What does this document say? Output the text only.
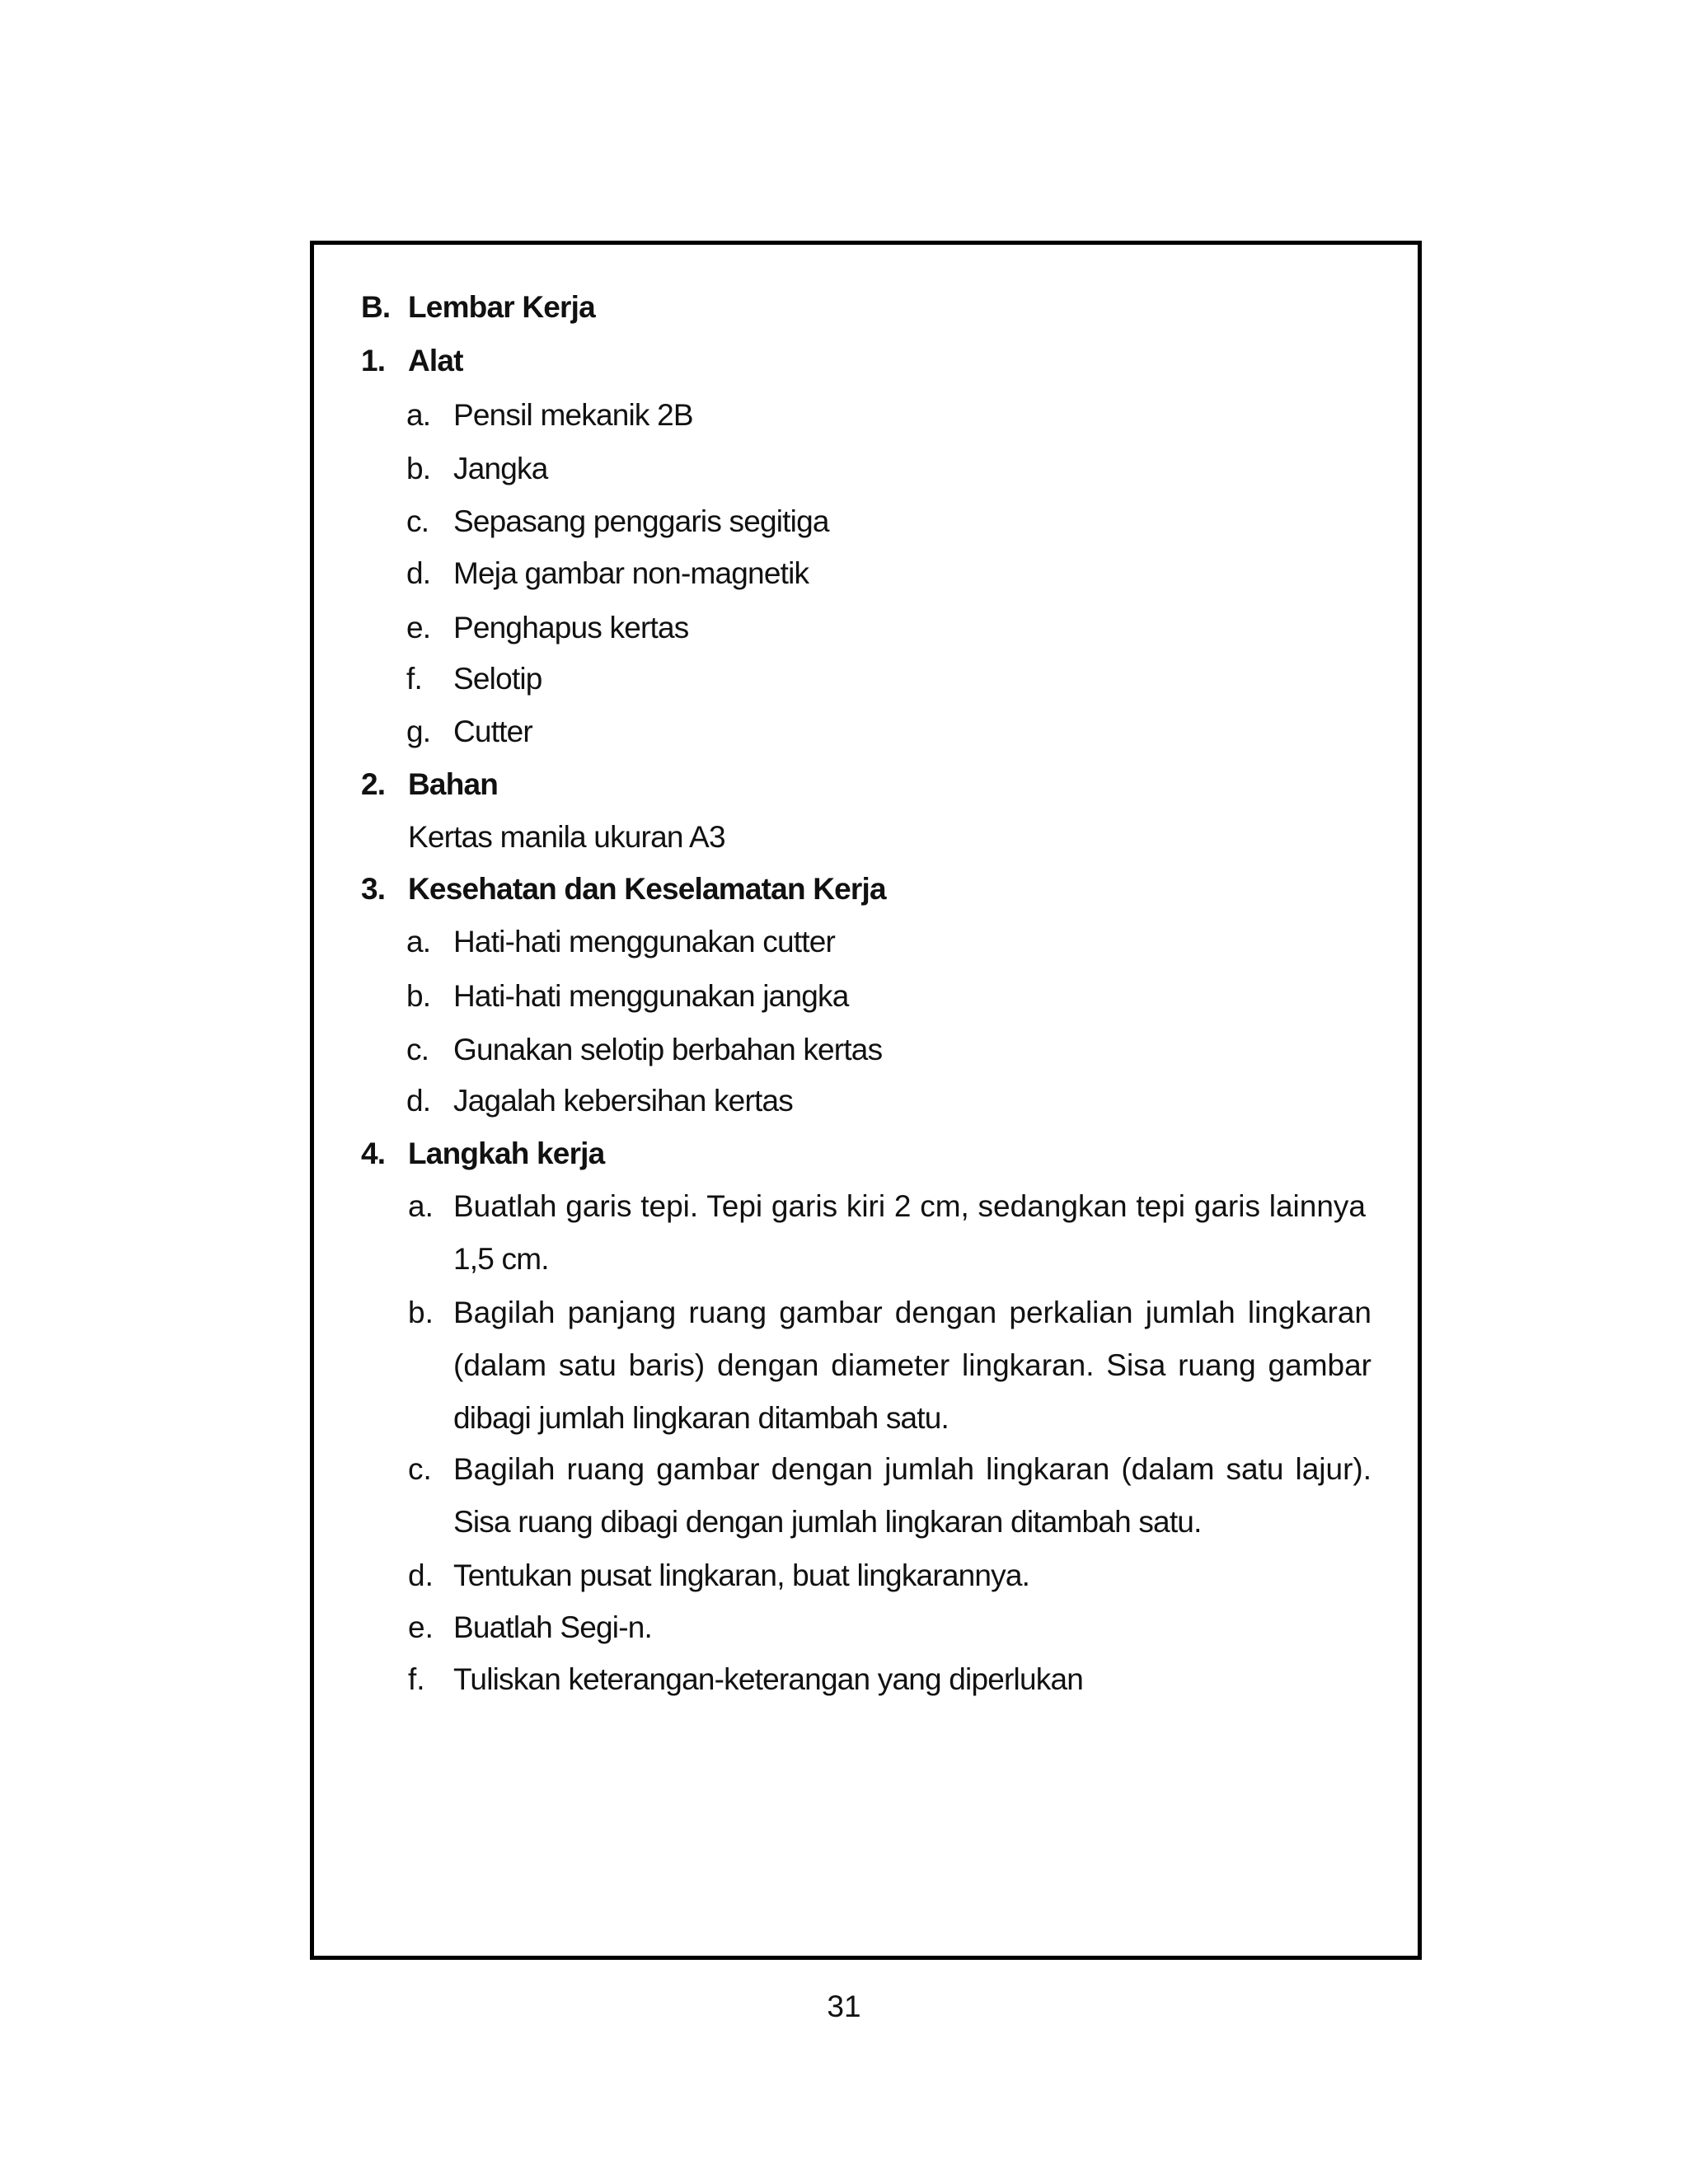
B. Lembar Kerja
1. Alat
a. Pensil mekanik 2B
b. Jangka
c. Sepasang penggaris segitiga
d. Meja gambar non-magnetik
e. Penghapus kertas
f. Selotip
g. Cutter
2. Bahan
Kertas manila ukuran A3
3. Kesehatan dan Keselamatan Kerja
a. Hati-hati menggunakan cutter
b. Hati-hati menggunakan jangka
c. Gunakan selotip berbahan kertas
d. Jagalah kebersihan kertas
4. Langkah kerja
a. Buatlah garis tepi. Tepi garis kiri 2 cm, sedangkan tepi garis lainnya
1,5 cm.
b. Bagilah panjang ruang gambar dengan perkalian jumlah lingkaran
(dalam satu baris) dengan diameter lingkaran. Sisa ruang gambar
dibagi jumlah lingkaran ditambah satu.
c. Bagilah ruang gambar dengan jumlah lingkaran (dalam satu lajur).
Sisa ruang dibagi dengan jumlah lingkaran ditambah satu.
d. Tentukan pusat lingkaran, buat lingkarannya.
e. Buatlah Segi-n.
f. Tuliskan keterangan-keterangan yang diperlukan
31
